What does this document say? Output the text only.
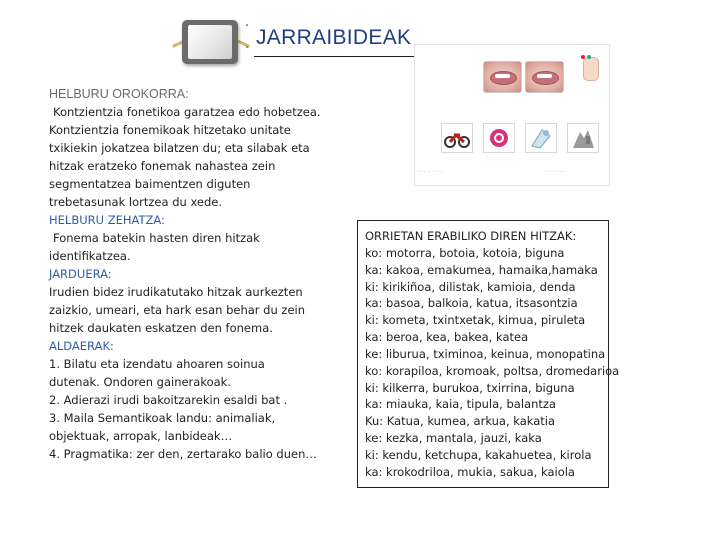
JARRAIBIDEAK

HELBURU OROKORRA:

Kontzientzia fonetikoa garatzea edo hobetzea.

Kontzientzia fonemikoak hitzetako unitate

txikiekin jokatzea bilatzen du; eta silabak eta

hitzak eratzeko fonemak nahastea zein

segmentatzea baimentzen diguten

trebetasunak lortzea du xede.

HELBURU ZEHATZA:

Fonema batekin hasten diren hitzak

identifikatzea.

JARDUERA:

Irudien bidez irudikatutako hitzak aurkezten

zaizkio, umeari, eta hark esan behar du zein

hitzek daukaten eskatzen den fonema.

ALDAERAK:

1. Bilatu eta izendatu ahoaren soinua

dutenak. Ondoren gainerakoak.

2. Adierazi irudi bakoitzarekin esaldi bat .

3. Maila Semantikoak landu: animaliak,

objektuak, arropak, lanbideak…

4. Pragmatika: zer den, zertarako balio duen…

· · · · · · · · · ·	· · · · · · · ·

ORRIETAN ERABILIKO DIREN HITZAK:

ko: motorra, botoia, kotoia, biguna

ka: kakoa, emakumea, hamaika,hamaka

ki: kirikiñoa, dilistak, kamioia, denda

ka: basoa, balkoia, katua, itsasontzia

ki: kometa, txintxetak, kimua, piruleta

ka: beroa, kea, bakea, katea

ke: liburua, tximinoa, keinua, monopatina

ko: korapiloa, kromoak, poltsa, dromedarioa

ki: kilkerra, burukoa, txirrina, biguna

ka: miauka, kaia, tipula, balantza

Ku: Katua, kumea, arkua, kakatia

ke: kezka, mantala, jauzi, kaka

ki: kendu, ketchupa, kakahuetea, kirola

ka: krokodriloa, mukia, sakua, kaiola
